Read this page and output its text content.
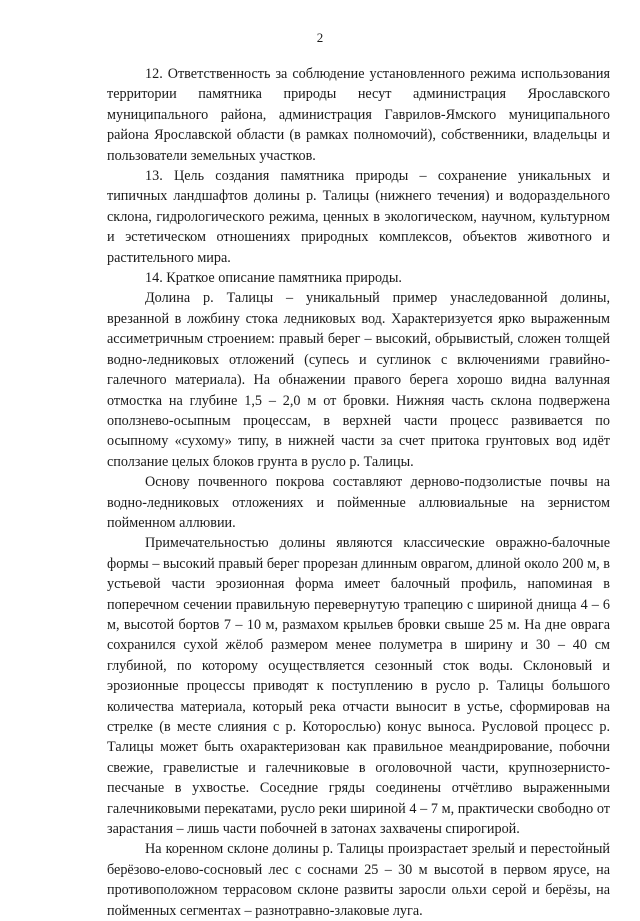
2

12. Ответственность за соблюдение установленного режима использования территории памятника природы несут администрация Ярославского муниципального района, администрация Гаврилов-Ямского муниципального района Ярославской области (в рамках полномочий), собственники, владельцы и пользователи земельных участков.

13. Цель создания памятника природы – сохранение уникальных и типичных ландшафтов долины р. Талицы (нижнего течения) и водораздельного склона, гидрологического режима, ценных в экологическом, научном, культурном и эстетическом отношениях природных комплексов, объектов животного и растительного мира.

14. Краткое описание памятника природы.

Долина р. Талицы – уникальный пример унаследованной долины, врезанной в ложбину стока ледниковых вод. Характеризуется ярко выраженным ассиметричным строением: правый берег – высокий, обрывистый, сложен толщей водно-ледниковых отложений (супесь и суглинок с включениями гравийно-галечного материала). На обнажении правого берега хорошо видна валунная отмостка на глубине 1,5 – 2,0 м от бровки. Нижняя часть склона подвержена оползнево-осыпным процессам, в верхней части процесс развивается по осыпному «сухому» типу, в нижней части за счет притока грунтовых вод идёт сползание целых блоков грунта в русло р. Талицы.

Основу почвенного покрова составляют дерново-подзолистые почвы на водно-ледниковых отложениях и пойменные аллювиальные на зернистом пойменном аллювии.

Примечательностью долины являются классические овражно-балочные формы – высокий правый берег прорезан длинным оврагом, длиной около 200 м, в устьевой части эрозионная форма имеет балочный профиль, напоминая в поперечном сечении правильную перевернутую трапецию с шириной днища 4 – 6 м, высотой бортов 7 – 10 м, размахом крыльев бровки свыше 25 м. На дне оврага сохранился сухой жёлоб размером менее полуметра в ширину и 30 – 40 см глубиной, по которому осуществляется сезонный сток воды. Склоновый и эрозионные процессы приводят к поступлению в русло р. Талицы большого количества материала, который река отчасти выносит в устье, сформировав на стрелке (в месте слияния с р. Которослью) конус выноса. Русловой процесс р. Талицы может быть охарактеризован как правильное меандрирование, побочни свежие, гравелистые и галечниковые в оголовочной части, крупнозернисто-песчаные в ухвостье. Соседние гряды соединены отчётливо выраженными галечниковыми перекатами, русло реки шириной 4 – 7 м, практически свободно от зарастания – лишь части побочней в затонах захвачены спирогирой.

На коренном склоне долины р. Талицы произрастает зрелый и перестойный берёзово-елово-сосновый лес с соснами 25 – 30 м высотой в первом ярусе, на противоположном террасовом склоне развиты заросли ольхи серой и берёзы, на пойменных сегментах – разнотравно-злаковые луга.
